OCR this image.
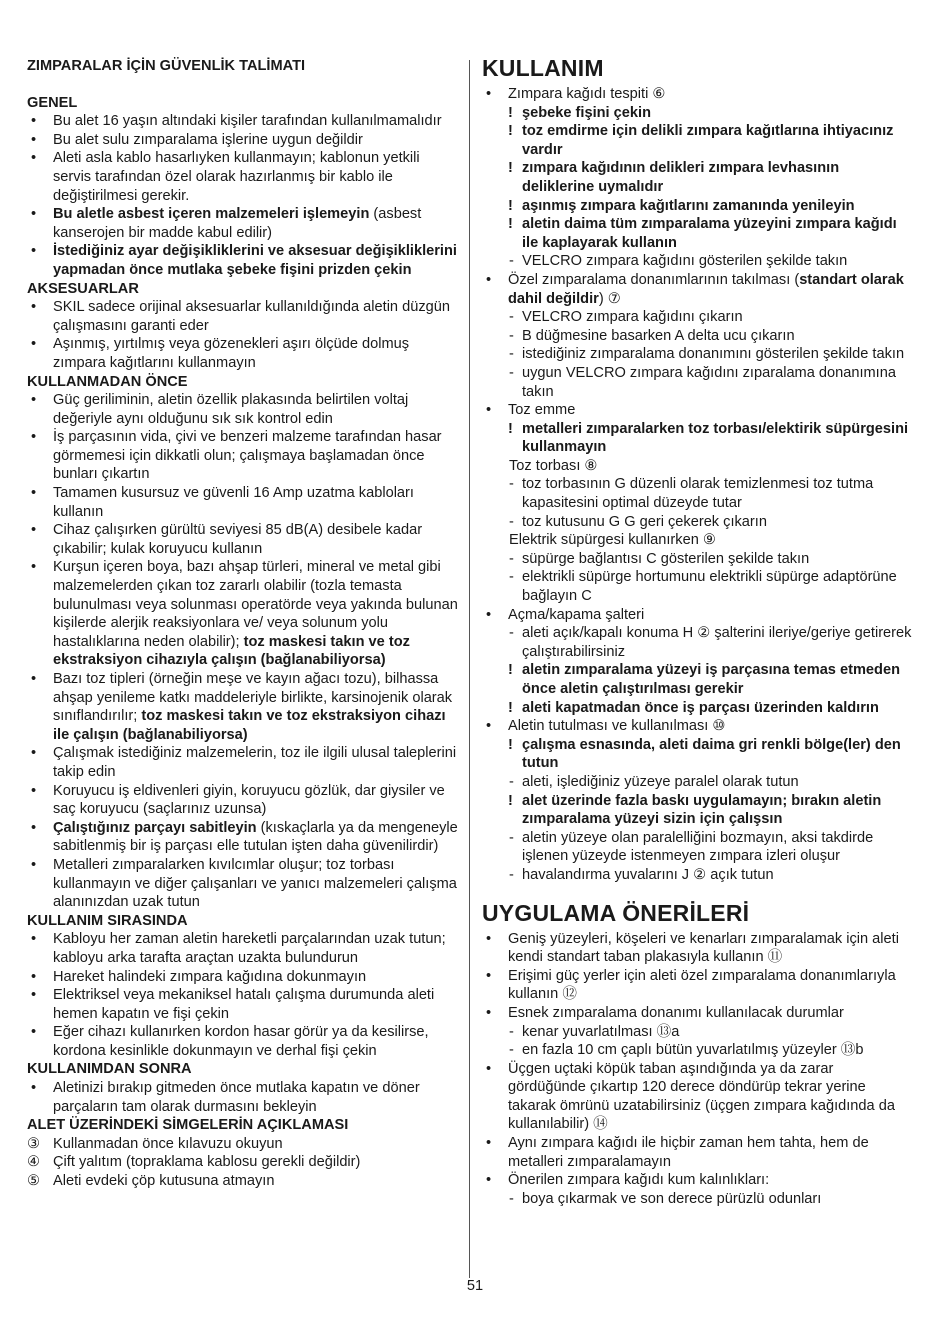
ZIMPARALAR İÇİN GÜVENLİK TALİMATI
GENEL
• Bu alet 16 yaşın altındaki kişiler tarafından kullanılmamalıdır
• Bu alet sulu zımparalama işlerine uygun değildir
• Aleti asla kablo hasarlıyken kullanmayın; kablonun yetkili servis tarafından özel olarak hazırlanmış bir kablo ile değiştirilmesi gerekir.
• Bu aletle asbest içeren malzemeleri işlemeyin (asbest kanserojen bir madde kabul edilir)
• İstediğiniz ayar değişikliklerini ve aksesuar değişikliklerini yapmadan önce mutlaka şebeke fişini prizden çekin
AKSESUARLAR
• SKIL sadece orijinal aksesuarlar kullanıldığında aletin düzgün çalışmasını garanti eder
• Aşınmış, yırtılmış veya gözenekleri aşırı ölçüde dolmuş zımpara kağıtlarını kullanmayın
KULLANMADAN ÖNCE
• Güç geriliminin, aletin özellik plakasında belirtilen voltaj değeriyle aynı olduğunu sık sık kontrol edin
• İş parçasının vida, çivi ve benzeri malzeme tarafından hasar görmemesi için dikkatli olun; çalışmaya başlamadan önce bunları çıkartın
• Tamamen kusursuz ve güvenli 16 Amp uzatma kabloları kullanın
• Cihaz çalışırken gürültü seviyesi 85 dB(A) desibele kadar çıkabilir; kulak koruyucu kullanın
• Kurşun içeren boya, bazı ahşap türleri, mineral ve metal gibi malzemelerden çıkan toz zararlı olabilir (tozla temasta bulunulması veya solunması operatörde veya yakında bulunan kişilerde alerjik reaksiyonlara ve/ veya solunum yolu hastalıklarına neden olabilir); toz maskesi takın ve toz ekstraksiyon cihazıyla çalışın (bağlanabiliyorsa)
• Bazı toz tipleri (örneğin meşe ve kayın ağacı tozu), bilhassa ahşap yenileme katkı maddeleriyle birlikte, karsinojenik olarak sınıflandırılır; toz maskesi takın ve toz ekstraksiyon cihazı ile çalışın (bağlanabiliyorsa)
• Çalışmak istediğiniz malzemelerin, toz ile ilgili ulusal taleplerini takip edin
• Koruyucu iş eldivenleri giyin, koruyucu gözlük, dar giysiler ve saç koruyucu (saçlarınız uzunsa)
• Çalıştığınız parçayı sabitleyin (kıskaçlarla ya da mengeneyle sabitlenmiş bir iş parçası elle tutulan işten daha güvenilirdir)
• Metalleri zımparalarken kıvılcımlar oluşur; toz torbası kullanmayın ve diğer çalışanları ve yanıcı malzemeleri çalışma alanınızdan uzak tutun
KULLANIM SIRASINDA
• Kabloyu her zaman aletin hareketli parçalarından uzak tutun; kabloyu arka tarafta araçtan uzakta bulundurun
• Hareket halindeki zımpara kağıdına dokunmayın
• Elektriksel veya mekaniksel hatalı çalışma durumunda aleti hemen kapatın ve fişi çekin
• Eğer cihazı kullanırken kordon hasar görür ya da kesilirse, kordona kesinlikle dokunmayın ve derhal fişi çekin
KULLANIMDAN SONRA
• Aletinizi bırakıp gitmeden önce mutlaka kapatın ve döner parçaların tam olarak durmasını bekleyin
ALET ÜZERİNDEKİ SİMGELERİN AÇIKLAMASI
③ Kullanmadan önce kılavuzu okuyun
④ Çift yalıtım (topraklama kablosu gerekli değildir)
⑤ Aleti evdeki çöp kutusuna atmayın
KULLANIM
• Zımpara kağıdı tespiti ⑥
! şebeke fişini çekin
! toz emdirme için delikli zımpara kağıtlarına ihtiyacınız vardır
! zımpara kağıdının delikleri zımpara levhasının deliklerine uymalıdır
! aşınmış zımpara kağıtlarını zamanında yenileyin
! aletin daima tüm zımparalama yüzeyini zımpara kağıdı ile kaplayarak kullanın
- VELCRO zımpara kağıdını gösterilen şekilde takın
• Özel zımparalama donanımlarının takılması (standart olarak dahil değildir) ⑦
- VELCRO zımpara kağıdını çıkarın
- B düğmesine basarken A delta ucu çıkarın
- istediğiniz zımparalama donanımını gösterilen şekilde takın
- uygun VELCRO zımpara kağıdını zıparalama donanımına takın
• Toz emme
! metalleri zımparalarken toz torbası/elektirik süpürgesini kullanmayın
Toz torbası ⑧
- toz torbasının G düzenli olarak temizlenmesi toz tutma kapasitesini optimal düzeyde tutar
- toz kutusunu G G geri çekerek çıkarın
Elektrik süpürgesi kullanırken ⑨
- süpürge bağlantısı C gösterilen şekilde takın
- elektrikli süpürge hortumunu elektrikli süpürge adaptörüne bağlayın C
• Açma/kapama şalteri
- aleti açık/kapalı konuma H ② şalterini ileriye/geriye getirerek çalıştırabilirsiniz
! aletin zımparalama yüzeyi iş parçasına temas etmeden önce aletin çalıştırılması gerekir
! aleti kapatmadan önce iş parçası üzerinden kaldırın
• Aletin tutulması ve kullanılması ⑩
! çalışma esnasında, aleti daima gri renkli bölge(ler) den tutun
- aleti, işlediğiniz yüzeye paralel olarak tutun
! alet üzerinde fazla baskı uygulamayın; bırakın aletin zımparalama yüzeyi sizin için çalışsın
- aletin yüzeye olan paralelliğini bozmayın, aksi takdirde işlenen yüzeyde istenmeyen zımpara izleri oluşur
- havalandırma yuvalarını J ② açık tutun
UYGULAMA ÖNERİLERİ
• Geniş yüzeyleri, köşeleri ve kenarları zımparalamak için aleti kendi standart taban plakasıyla kullanın ⑪
• Erişimi güç yerler için aleti özel zımparalama donanımlarıyla kullanın ⑫
• Esnek zımparalama donanımı kullanılacak durumlar
- kenar yuvarlatılması ⑬a
- en fazla 10 cm çaplı bütün yuvarlatılmış yüzeyler ⑬b
• Üçgen uçtaki köpük taban aşındığında ya da zarar gördüğünde çıkartıp 120 derece döndürüp tekrar yerine takarak ömrünü uzatabilirsiniz (üçgen zımpara kağıdında da kullanılabilir) ⑭
• Aynı zımpara kağıdı ile hiçbir zaman hem tahta, hem de metalleri zımparalamayın
• Önerilen zımpara kağıdı kum kalınlıkları:
- boya çıkarmak ve son derece pürüzlü odunları
51
